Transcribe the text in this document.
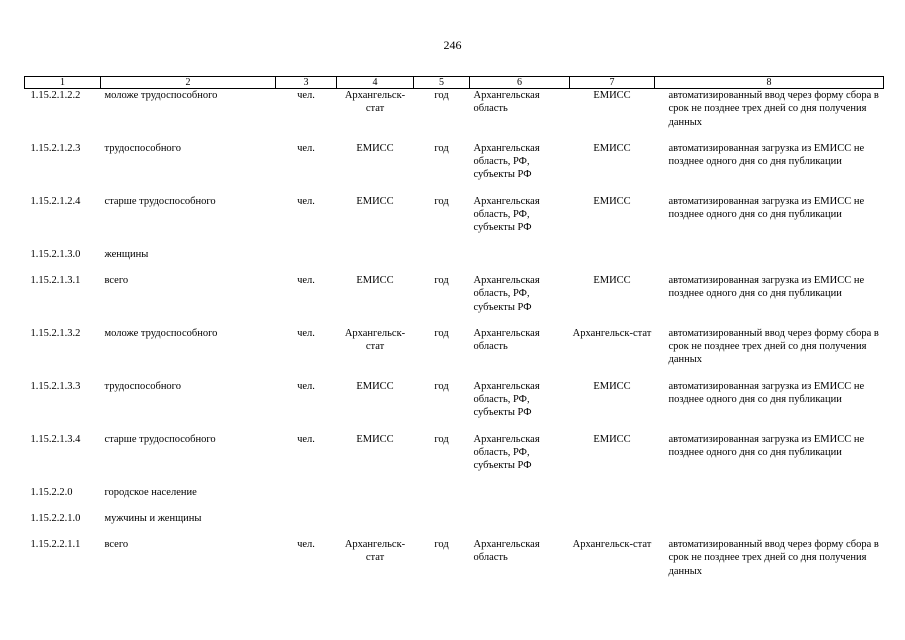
246
1	2	3	4	5	6	7	8
1.15.2.1.2.2	моложе трудоспособного	чел.	Архангельск-стат	год	Архангельская область	ЕМИСС	автоматизированный ввод через форму сбора в срок не позднее трех дней со дня получения данных
1.15.2.1.2.3	трудоспособного	чел.	ЕМИСС	год	Архангельская область, РФ, субъекты РФ	ЕМИСС	автоматизированная загрузка из ЕМИСС не позднее одного дня со дня публикации
1.15.2.1.2.4	старше трудоспособного	чел.	ЕМИСС	год	Архангельская область, РФ, субъекты РФ	ЕМИСС	автоматизированная загрузка из ЕМИСС не позднее одного дня со дня публикации
1.15.2.1.3.0	женщины						
1.15.2.1.3.1	всего	чел.	ЕМИСС	год	Архангельская область, РФ, субъекты РФ	ЕМИСС	автоматизированная загрузка из ЕМИСС не позднее одного дня со дня публикации
1.15.2.1.3.2	моложе трудоспособного	чел.	Архангельск-стат	год	Архангельская область	Архангельск-стат	автоматизированный ввод через форму сбора в срок не позднее трех дней со дня получения данных
1.15.2.1.3.3	трудоспособного	чел.	ЕМИСС	год	Архангельская область, РФ, субъекты РФ	ЕМИСС	автоматизированная загрузка из ЕМИСС не позднее одного дня со дня публикации
1.15.2.1.3.4	старше трудоспособного	чел.	ЕМИСС	год	Архангельская область, РФ, субъекты РФ	ЕМИСС	автоматизированная загрузка из ЕМИСС не позднее одного дня со дня публикации
1.15.2.2.0	городское население						
1.15.2.2.1.0	мужчины и женщины						
1.15.2.2.1.1	всего	чел.	Архангельск-стат	год	Архангельская область	Архангельск-стат	автоматизированный ввод через форму сбора в срок не позднее трех дней со дня получения данных
